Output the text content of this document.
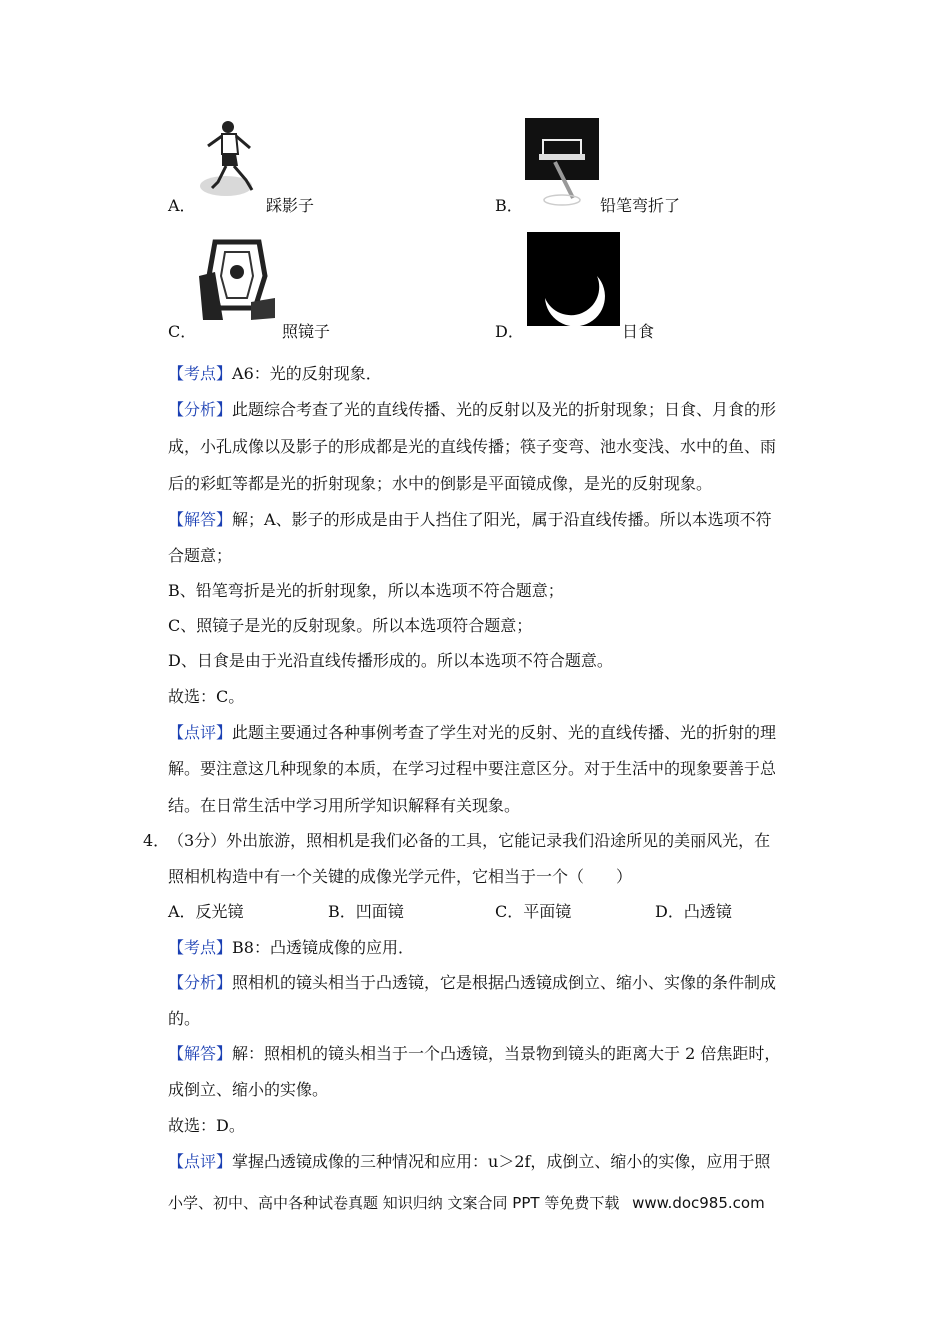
A．	踩影子	B．	铅笔弯折了
C．	照镜子	D．	日食
【考点】A6：光的反射现象．
【分析】此题综合考查了光的直线传播、光的反射以及光的折射现象；日食、月食的形
成，小孔成像以及影子的形成都是光的直线传播；筷子变弯、池水变浅、水中的鱼、雨
后的彩虹等都是光的折射现象；水中的倒影是平面镜成像，是光的反射现象。
【解答】解；A、影子的形成是由于人挡住了阳光，属于沿直线传播。所以本选项不符
合题意；
B、铅笔弯折是光的折射现象，所以本选项不符合题意；
C、照镜子是光的反射现象。所以本选项符合题意；
D、日食是由于光沿直线传播形成的。所以本选项不符合题意。
故选：C。
【点评】此题主要通过各种事例考查了学生对光的反射、光的直线传播、光的折射的理
解。要注意这几种现象的本质，在学习过程中要注意区分。对于生活中的现象要善于总
结。在日常生活中学习用所学知识解释有关现象。
4．
（3分）外出旅游，照相机是我们必备的工具，它能记录我们沿途所见的美丽风光，在
照相机构造中有一个关键的成像光学元件，它相当于一个（　　）
A．反光镜	B．凹面镜	C．平面镜	D．凸透镜
【考点】B8：凸透镜成像的应用．
【分析】照相机的镜头相当于凸透镜，它是根据凸透镜成倒立、缩小、实像的条件制成
的。
【解答】解：照相机的镜头相当于一个凸透镜，当景物到镜头的距离大于 2 倍焦距时，
成倒立、缩小的实像。
故选：D。
【点评】掌握凸透镜成像的三种情况和应用：u＞2f，成倒立、缩小的实像，应用于照
小学、初中、高中各种试卷真题 知识归纳 文案合同 PPT 等免费下载 www.doc985.com
